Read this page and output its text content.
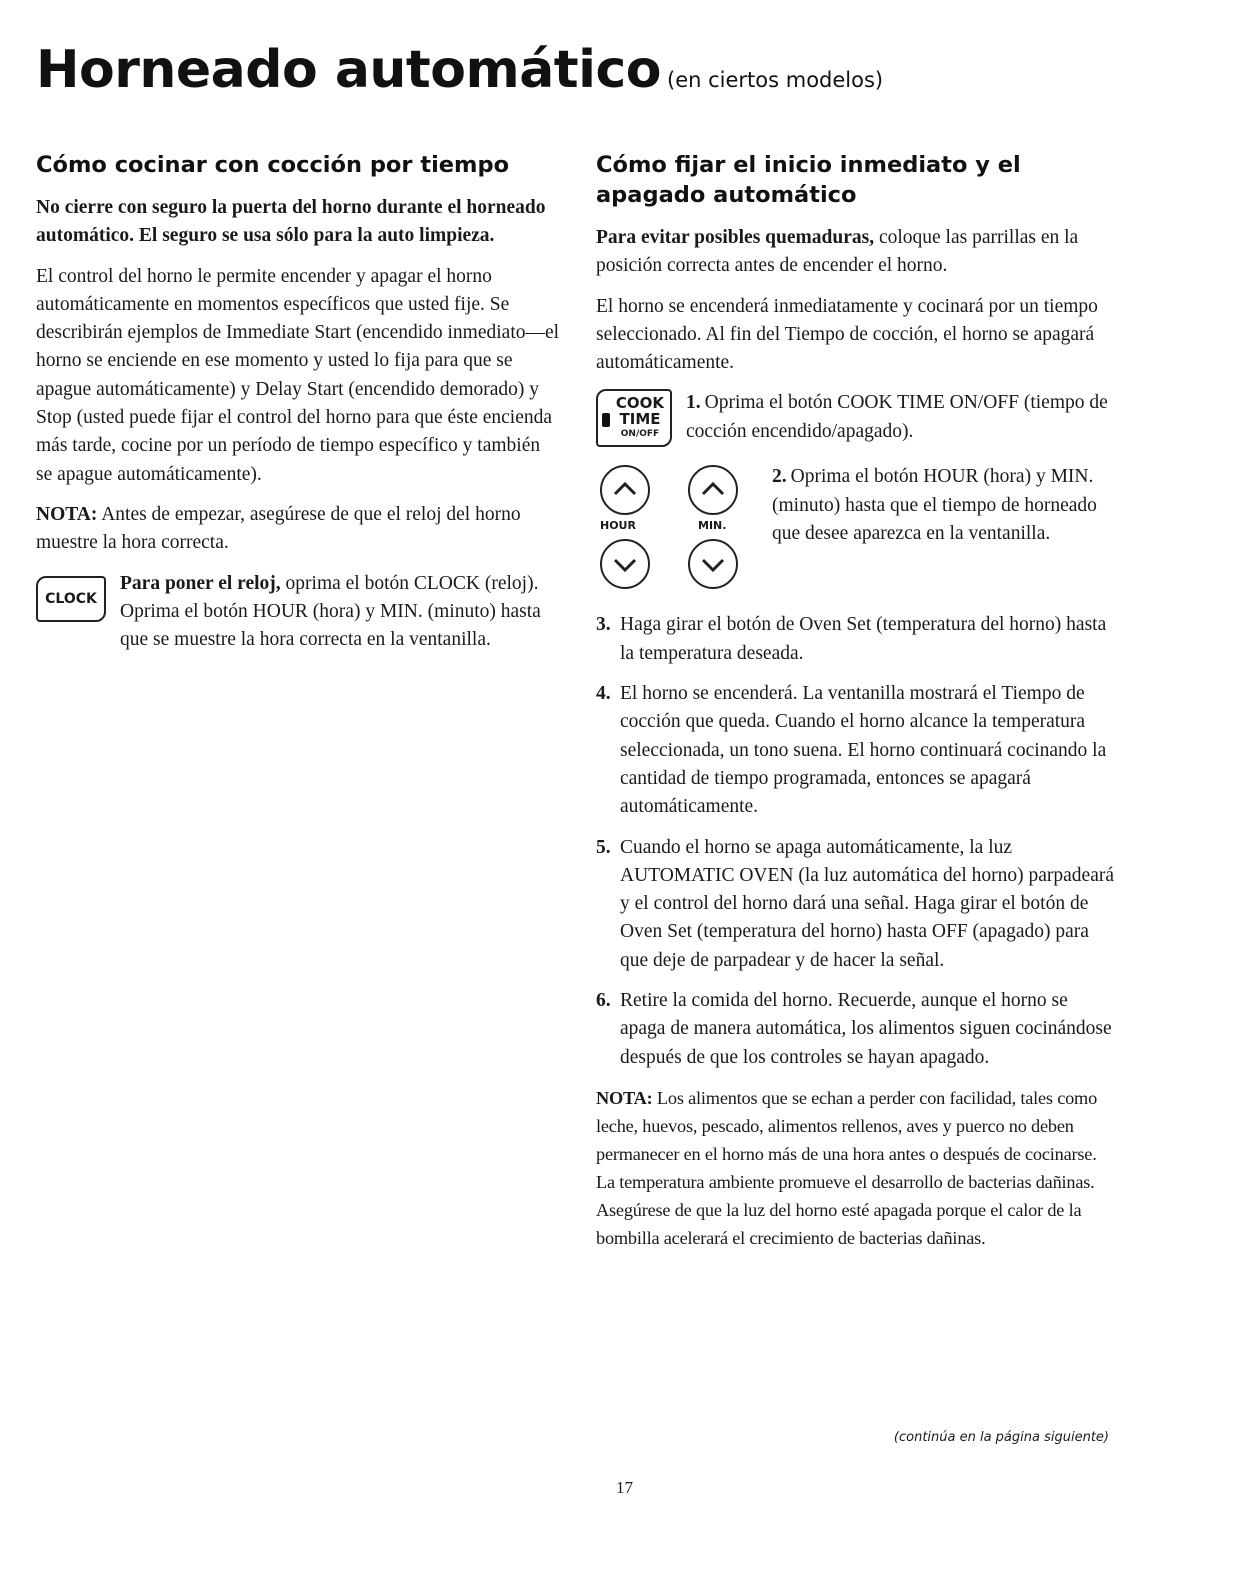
Horneado automático (en ciertos modelos)
Cómo cocinar con cocción por tiempo

No cierre con seguro la puerta del horno durante el horneado automático. El seguro se usa sólo para la auto limpieza.

El control del horno le permite encender y apagar el horno automáticamente en momentos específicos que usted fije. Se describirán ejemplos de Immediate Start (encendido inmediato—el horno se enciende en ese momento y usted lo fija para que se apague automáticamente) y Delay Start (encendido demorado) y Stop (usted puede fijar el control del horno para que éste encienda más tarde, cocine por un período de tiempo específico y también se apague automáticamente).

NOTA: Antes de empezar, asegúrese de que el reloj del horno muestre la hora correcta.

CLOCK

Para poner el reloj, oprima el botón CLOCK (reloj). Oprima el botón HOUR (hora) y MIN. (minuto) hasta que se muestre la hora correcta en la ventanilla.

Cómo fijar el inicio inmediato y el apagado automático

Para evitar posibles quemaduras, coloque las parrillas en la posición correcta antes de encender el horno.

El horno se encenderá inmediatamente y cocinará por un tiempo seleccionado. Al fin del Tiempo de cocción, el horno se apagará automáticamente.

COOK
TIME
ON/OFF

1. Oprima el botón COOK TIME ON/OFF (tiempo de cocción encendido/apagado).

HOUR	MIN.

2. Oprima el botón HOUR (hora) y MIN. (minuto) hasta que el tiempo de horneado que desee aparezca en la ventanilla.

3. Haga girar el botón de Oven Set (temperatura del horno) hasta la temperatura deseada.
4. El horno se encenderá. La ventanilla mostrará el Tiempo de cocción que queda. Cuando el horno alcance la temperatura seleccionada, un tono suena. El horno continuará cocinando la cantidad de tiempo programada, entonces se apagará automáticamente.
5. Cuando el horno se apaga automáticamente, la luz AUTOMATIC OVEN (la luz automática del horno) parpadeará y el control del horno dará una señal. Haga girar el botón de Oven Set (temperatura del horno) hasta OFF (apagado) para que deje de parpadear y de hacer la señal.
6. Retire la comida del horno. Recuerde, aunque el horno se apaga de manera automática, los alimentos siguen cocinándose después de que los controles se hayan apagado.

NOTA: Los alimentos que se echan a perder con facilidad, tales como leche, huevos, pescado, alimentos rellenos, aves y puerco no deben permanecer en el horno más de una hora antes o después de cocinarse. La temperatura ambiente promueve el desarrollo de bacterias dañinas. Asegúrese de que la luz del horno esté apagada porque el calor de la bombilla acelerará el crecimiento de bacterias dañinas.

(continúa en la página siguiente)
17
